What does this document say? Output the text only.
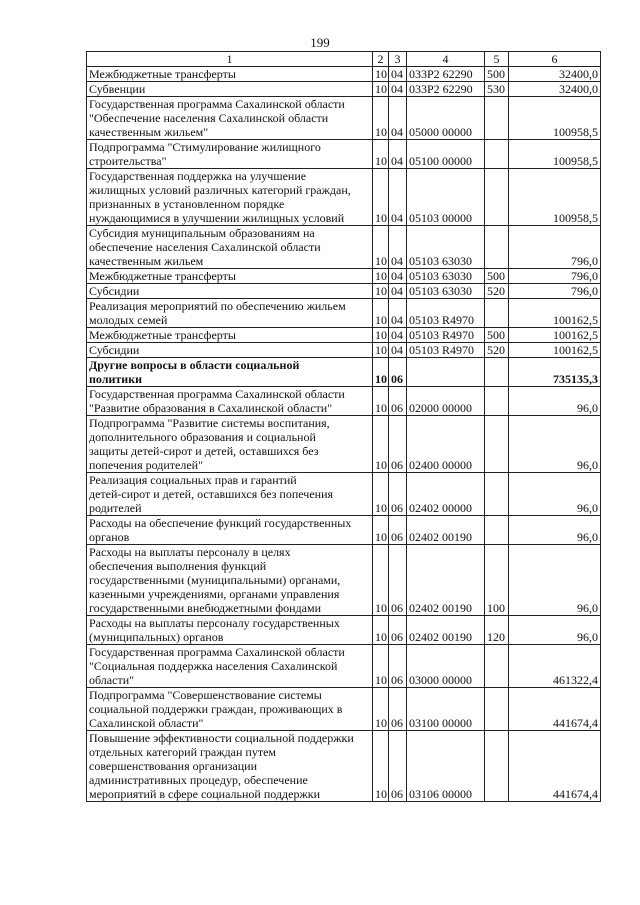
199
1	2	3	4	5	6
Межбюджетные трансферты	10	04	033P2 62290	500	32400,0
Субвенции	10	04	033P2 62290	530	32400,0
Государственная программа Сахалинской области
"Обеспечение населения Сахалинской области
качественным жильем"	10	04	05000 00000		100958,5
Подпрограмма "Стимулирование жилищного
строительства"	10	04	05100 00000		100958,5
Государственная поддержка на улучшение
жилищных условий различных категорий граждан,
признанных в установленном порядке
нуждающимися в улучшении жилищных условий	10	04	05103 00000		100958,5
Субсидия муниципальным образованиям на
обеспечение населения Сахалинской области
качественным жильем	10	04	05103 63030		796,0
Межбюджетные трансферты	10	04	05103 63030	500	796,0
Субсидии	10	04	05103 63030	520	796,0
Реализация мероприятий по обеспечению жильем
молодых семей	10	04	05103 R4970		100162,5
Межбюджетные трансферты	10	04	05103 R4970	500	100162,5
Субсидии	10	04	05103 R4970	520	100162,5
Другие вопросы в области социальной
политики	10	06			735135,3
Государственная программа Сахалинской области
"Развитие образования в Сахалинской области"	10	06	02000 00000		96,0
Подпрограмма "Развитие системы воспитания,
дополнительного образования и социальной
защиты детей-сирот и детей, оставшихся без
попечения родителей"	10	06	02400 00000		96,0
Реализация социальных прав и гарантий
детей-сирот и детей, оставшихся без попечения
родителей	10	06	02402 00000		96,0
Расходы на обеспечение функций государственных
органов	10	06	02402 00190		96,0
Расходы на выплаты персоналу в целях
обеспечения выполнения функций
государственными (муниципальными) органами,
казенными учреждениями, органами управления
государственными внебюджетными фондами	10	06	02402 00190	100	96,0
Расходы на выплаты персоналу государственных
(муниципальных) органов	10	06	02402 00190	120	96,0
Государственная программа Сахалинской области
"Социальная поддержка населения Сахалинской
области"	10	06	03000 00000		461322,4
Подпрограмма "Совершенствование системы
социальной поддержки граждан, проживающих в
Сахалинской области"	10	06	03100 00000		441674,4
Повышение эффективности социальной поддержки
отдельных категорий граждан путем
совершенствования организации
административных процедур, обеспечение
мероприятий в сфере социальной поддержки	10	06	03106 00000		441674,4
